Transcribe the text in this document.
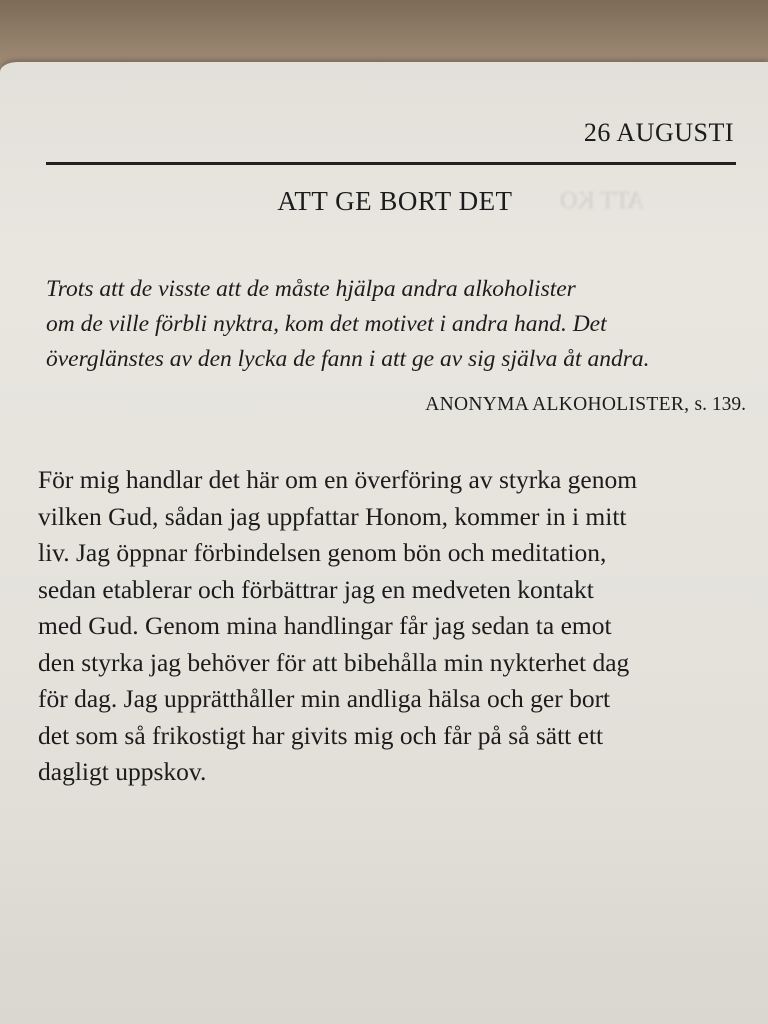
ATT KO
26 AUGUSTI
ATT GE BORT DET
Trots att de visste att de måste hjälpa andra alkoholister
om de ville förbli nyktra, kom det motivet i andra hand. Det
överglänstes av den lycka de fann i att ge av sig själva åt andra.
ANONYMA ALKOHOLISTER, s. 139.
För mig handlar det här om en överföring av styrka genom
vilken Gud, sådan jag uppfattar Honom, kommer in i mitt
liv. Jag öppnar förbindelsen genom bön och meditation,
sedan etablerar och förbättrar jag en medveten kontakt
med Gud. Genom mina handlingar får jag sedan ta emot
den styrka jag behöver för att bibehålla min nykterhet dag
för dag. Jag upprätthåller min andliga hälsa och ger bort
det som så frikostigt har givits mig och får på så sätt ett
dagligt uppskov.
